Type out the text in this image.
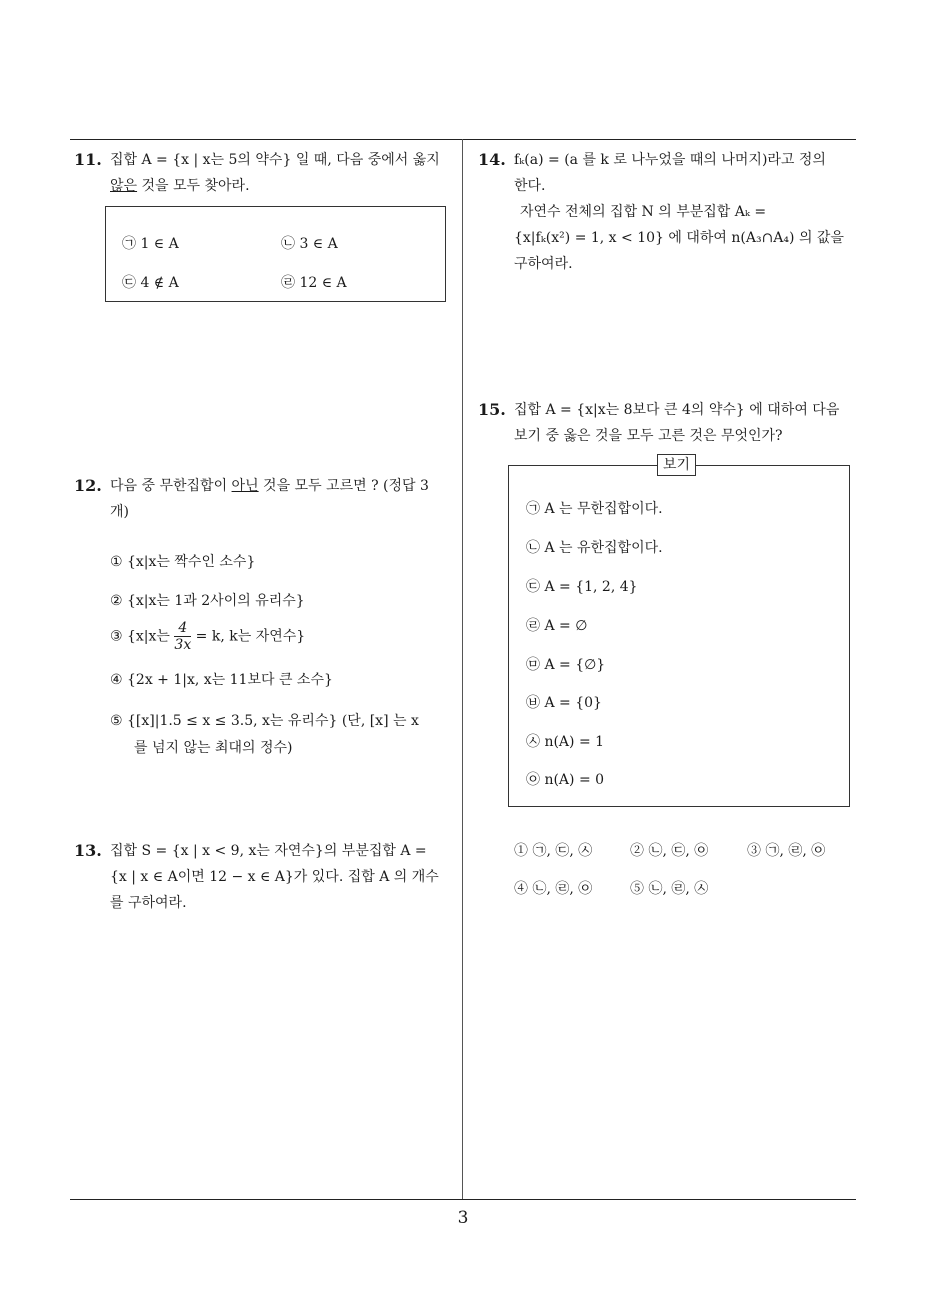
11. 집합 A = {x | x는 5의 약수} 일 때, 다음 중에서 옳지
않은 것을 모두 찾아라.
㉠ 1 ∈ A	㉡ 3 ∈ A
㉢ 4 ∉ A	㉣ 12 ∈ A
12. 다음 중 무한집합이 아닌 것을 모두 고르면 ? (정답 3
개)
① {x|x는 짝수인 소수}
② {x|x는 1과 2사이의 유리수}
③ {x|x는 $\frac{4}{3x} = k$, k는 자연수}
④ {2x + 1|x, x는 11보다 큰 소수}
⑤ {[x]|1.5 ≤ x ≤ 3.5, x는 유리수} (단, [x] 는 x
를 넘지 않는 최대의 정수)
13. 집합 S = {x | x < 9, x는 자연수}의 부분집합 A =
{x | x ∈ A이면 12 − x ∈ A}가 있다. 집합 A 의 개수
를 구하여라.
14. fₖ(a) = (a 를 k 로 나누었을 때의 나머지)라고 정의
한다.
자연수 전체의 집합 N 의 부분집합 Aₖ =
{x|fₖ(x²) = 1, x < 10} 에 대하여 n(A₃∩A₄) 의 값을
구하여라.
15. 집합 A = {x|x는 8보다 큰 4의 약수} 에 대하여 다음
보기 중 옳은 것을 모두 고른 것은 무엇인가?
보기
㉠ A 는 무한집합이다.
㉡ A 는 유한집합이다.
㉢ A = {1, 2, 4}
㉣ A = ∅
㉤ A = {∅}
㉥ A = {0}
㉦ n(A) = 1
㉧ n(A) = 0
① ㉠, ㉢, ㉦	② ㉡, ㉢, ㉧	③ ㉠, ㉣, ㉧
④ ㉡, ㉣, ㉧	⑤ ㉡, ㉣, ㉦
3
